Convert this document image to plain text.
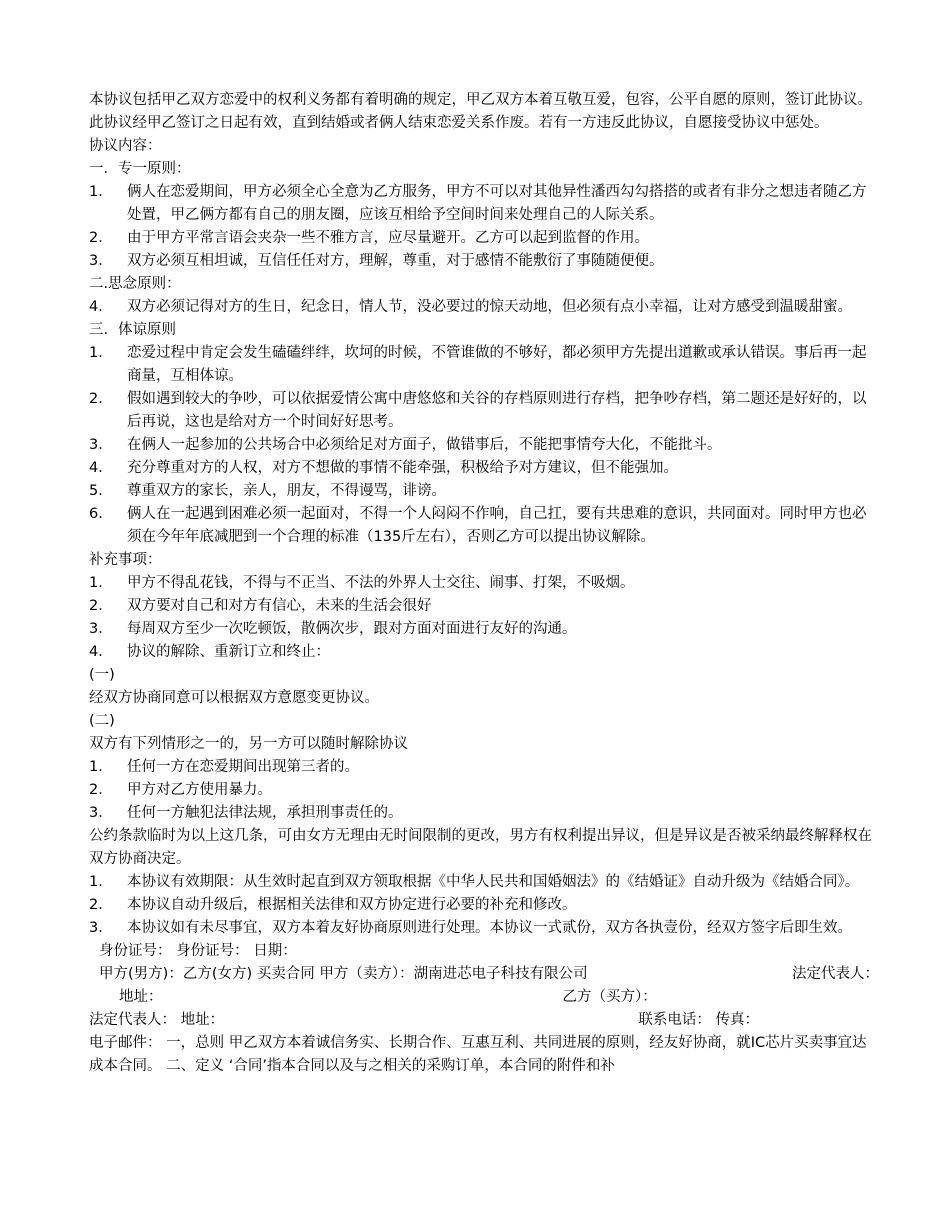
本协议包括甲乙双方恋爱中的权利义务都有着明确的规定，甲乙双方本着互敬互爱，包容，公平自愿的原则，签订此协议。此协议经甲乙签订之日起有效，直到结婚或者俩人结束恋爱关系作废。若有一方违反此协议，自愿接受协议中惩处。

协议内容：

一．专一原则：

1． 俩人在恋爱期间，甲方必须全心全意为乙方服务，甲方不可以对其他异性潘西勾勾搭搭的或者有非分之想违者随乙方处置，甲乙俩方都有自己的朋友圈，应该互相给予空间时间来处理自己的人际关系。
2． 由于甲方平常言语会夹杂一些不雅方言，应尽量避开。乙方可以起到监督的作用。
3． 双方必须互相坦诚，互信任任对方，理解，尊重，对于感情不能敷衍了事随随便便。

二.思念原则：

4． 双方必须记得对方的生日，纪念日，情人节，没必要过的惊天动地，但必须有点小幸福，让对方感受到温暖甜蜜。

三．体谅原则

1． 恋爱过程中肯定会发生磕磕绊绊，坎坷的时候，不管谁做的不够好，都必须甲方先提出道歉或承认错误。事后再一起商量，互相体谅。
2． 假如遇到较大的争吵，可以依据爱情公寓中唐悠悠和关谷的存档原则进行存档，把争吵存档，第二题还是好好的，以后再说，这也是给对方一个时间好好思考。
3． 在俩人一起参加的公共场合中必须给足对方面子，做错事后，不能把事情夸大化，不能批斗。
4． 充分尊重对方的人权，对方不想做的事情不能牵强，积极给予对方建议，但不能强加。
5． 尊重双方的家长，亲人，朋友，不得谩骂，诽谤。
6． 俩人在一起遇到困难必须一起面对，不得一个人闷闷不作响，自己扛，要有共患难的意识，共同面对。同时甲方也必须在今年年底减肥到一个合理的标准（135斤左右），否则乙方可以提出协议解除。

补充事项：

1． 甲方不得乱花钱，不得与不正当、不法的外界人士交往、闹事、打架，不吸烟。
2． 双方要对自己和对方有信心，未来的生活会很好
3． 每周双方至少一次吃顿饭，散俩次步，跟对方面对面进行友好的沟通。
4． 协议的解除、重新订立和终止：

(一)

经双方协商同意可以根据双方意愿变更协议。

(二)

双方有下列情形之一的，另一方可以随时解除协议

1． 任何一方在恋爱期间出现第三者的。
2． 甲方对乙方使用暴力。
3． 任何一方触犯法律法规，承担刑事责任的。

公约条款临时为以上这几条，可由女方无理由无时间限制的更改，男方有权利提出异议，但是异议是否被采纳最终解释权在双方协商决定。

1． 本协议有效期限：从生效时起直到双方领取根据《中华人民共和国婚姻法》的《结婚证》自动升级为《结婚合同》。
2． 本协议自动升级后，根据相关法律和双方协定进行必要的补充和修改。
3． 本协议如有未尽事宜，双方本着友好协商原则进行处理。本协议一式贰份，双方各执壹份，经双方签字后即生效。

身份证号： 身份证号： 日期：

甲方(男方)：乙方(女方) 买卖合同 甲方（卖方）：湖南进芯电子科技有限公司	法定代表人：
地址：	乙方（买方）：
法定代表人： 地址：	联系电话： 传真：

电子邮件： 一，总则 甲乙双方本着诚信务实、长期合作、互惠互利、共同进展的原则，经友好协商，就IC芯片买卖事宜达成本合同。 二、定义 ‘合同’指本合同以及与之相关的采购订单，本合同的附件和补
